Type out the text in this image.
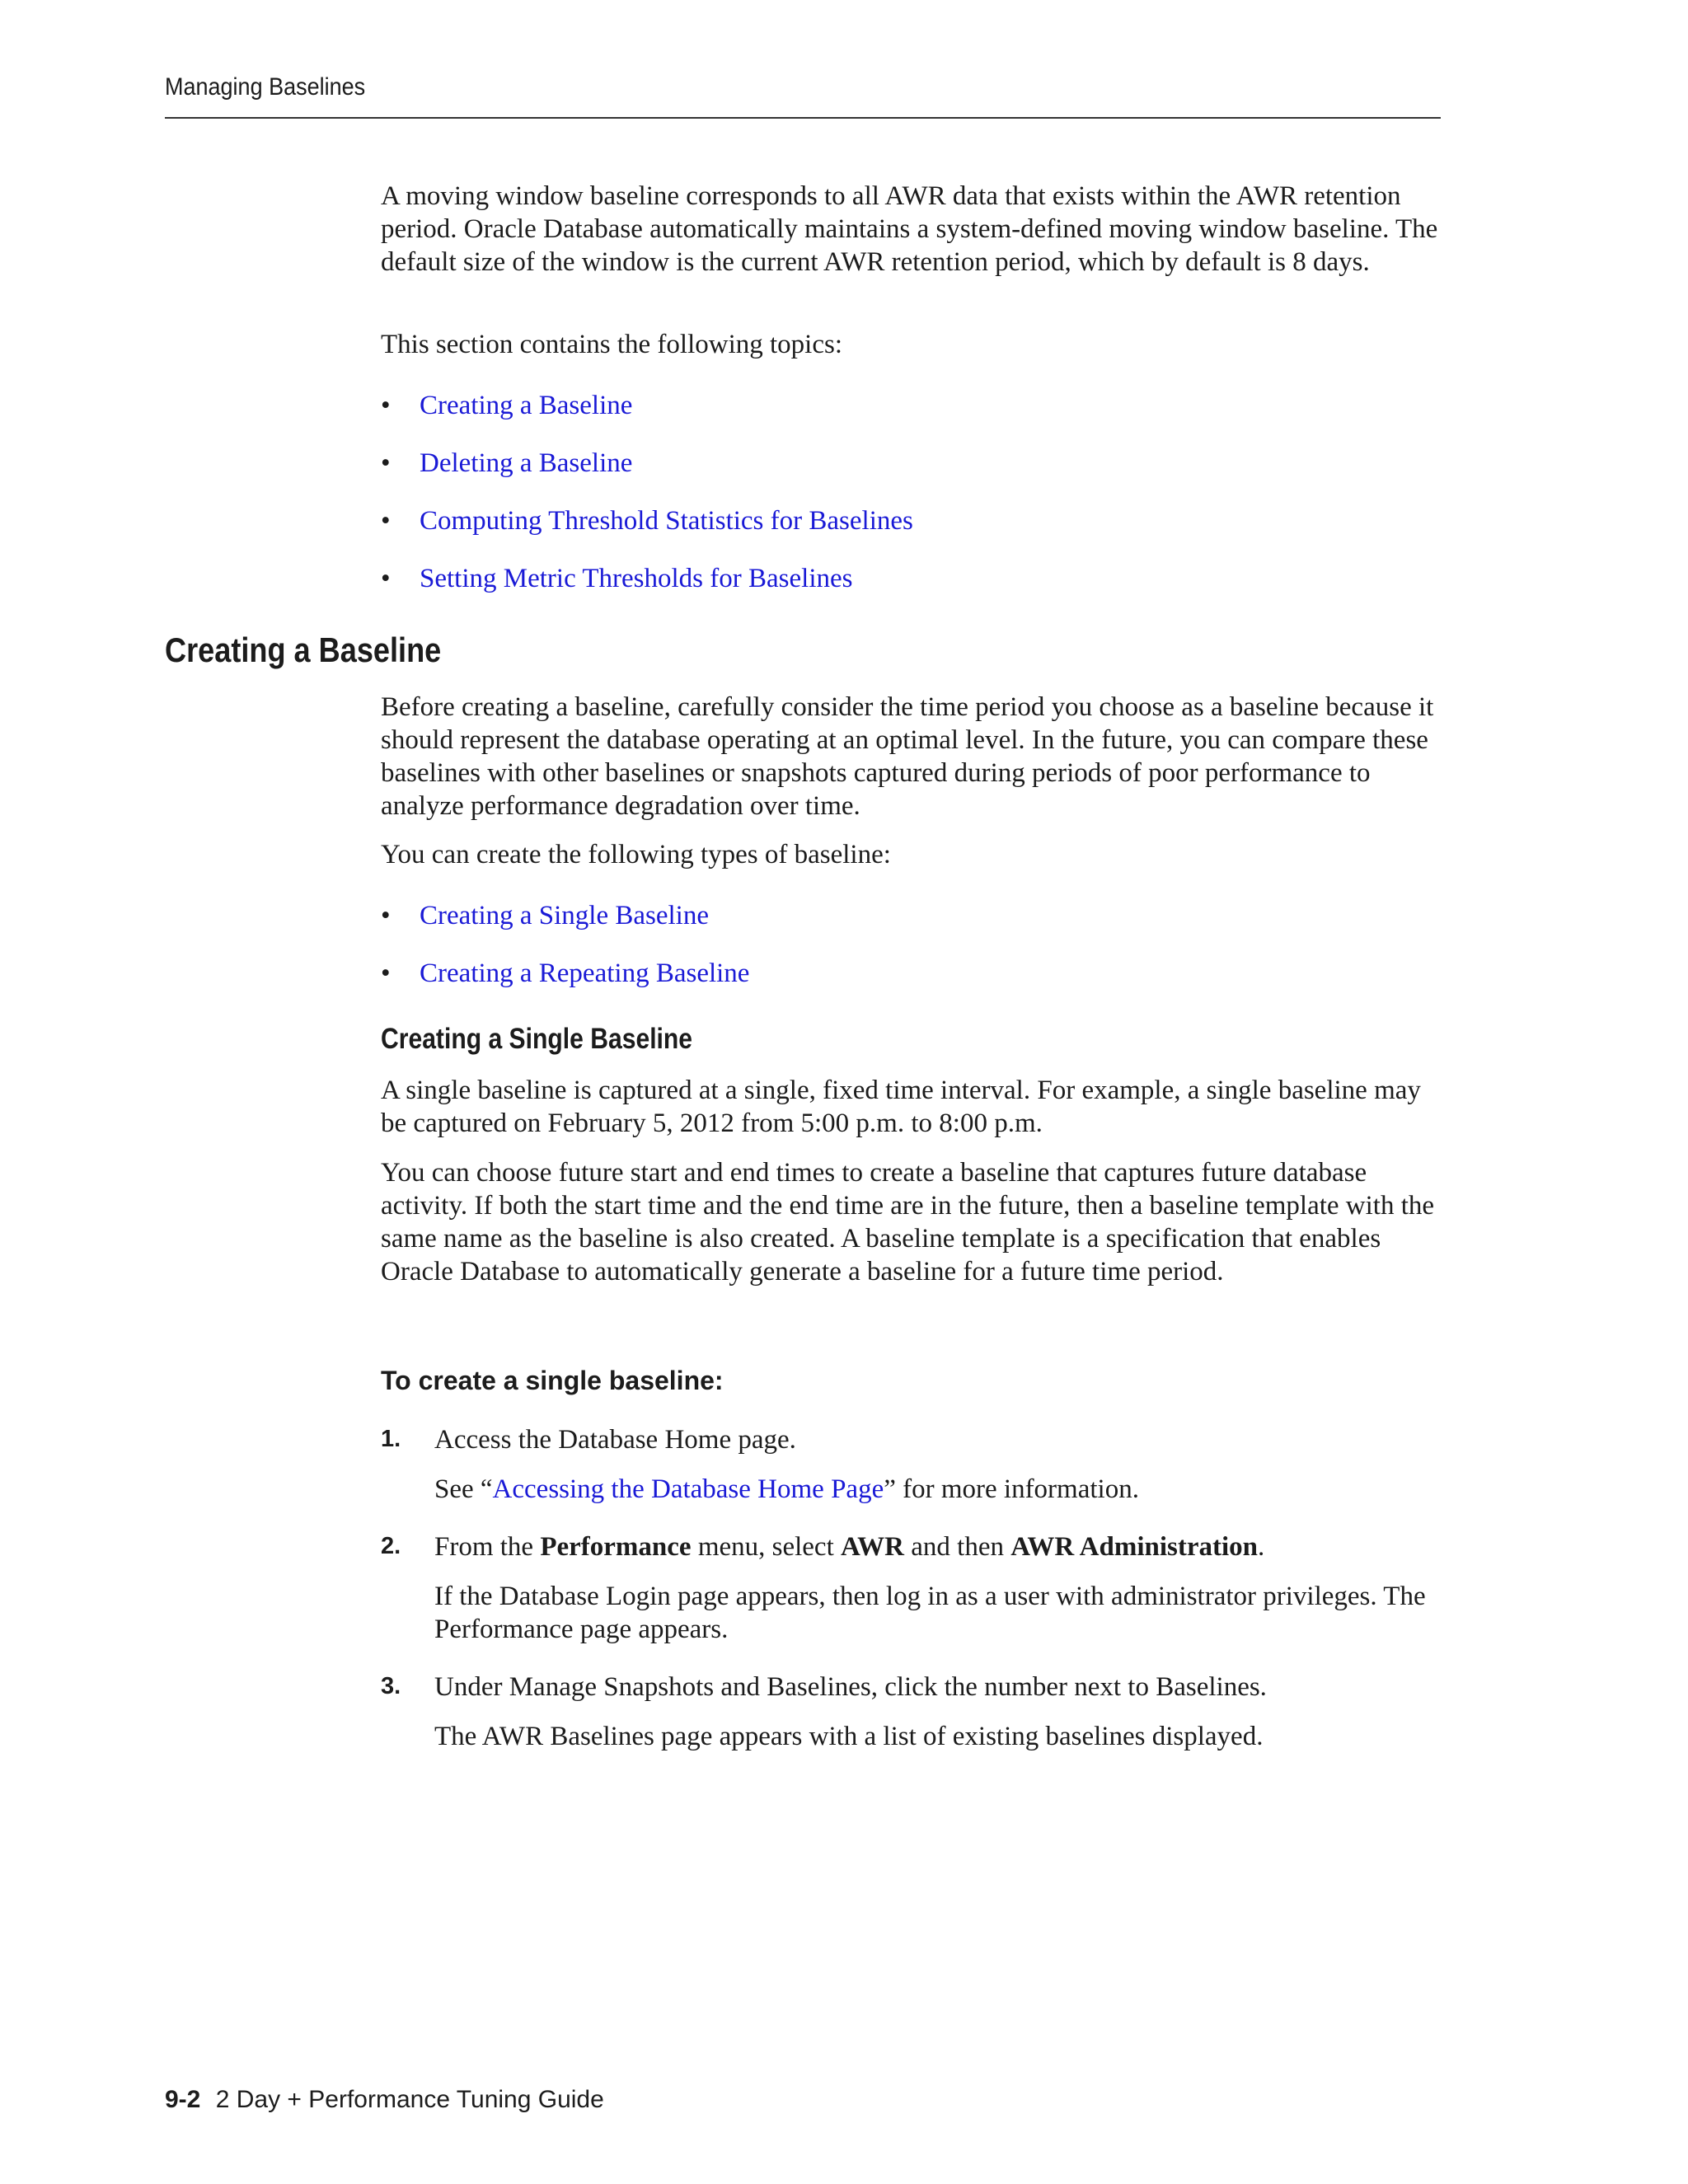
Managing Baselines

A moving window baseline corresponds to all AWR data that exists within the AWR retention period. Oracle Database automatically maintains a system-defined moving window baseline. The default size of the window is the current AWR retention period, which by default is 8 days.

This section contains the following topics:

• Creating a Baseline
• Deleting a Baseline
• Computing Threshold Statistics for Baselines
• Setting Metric Thresholds for Baselines
Creating a Baseline

Before creating a baseline, carefully consider the time period you choose as a baseline because it should represent the database operating at an optimal level. In the future, you can compare these baselines with other baselines or snapshots captured during periods of poor performance to analyze performance degradation over time.

You can create the following types of baseline:

• Creating a Single Baseline
• Creating a Repeating Baseline
Creating a Single Baseline

A single baseline is captured at a single, fixed time interval. For example, a single baseline may be captured on February 5, 2012 from 5:00 p.m. to 8:00 p.m.

You can choose future start and end times to create a baseline that captures future database activity. If both the start time and the end time are in the future, then a baseline template with the same name as the baseline is also created. A baseline template is a specification that enables Oracle Database to automatically generate a baseline for a future time period.

To create a single baseline:
1. Access the Database Home page.

See “Accessing the Database Home Page” for more information.

2. From the Performance menu, select AWR and then AWR Administration.

If the Database Login page appears, then log in as a user with administrator privileges. The Performance page appears.

3. Under Manage Snapshots and Baselines, click the number next to Baselines.

The AWR Baselines page appears with a list of existing baselines displayed.

9-2 2 Day + Performance Tuning Guide
